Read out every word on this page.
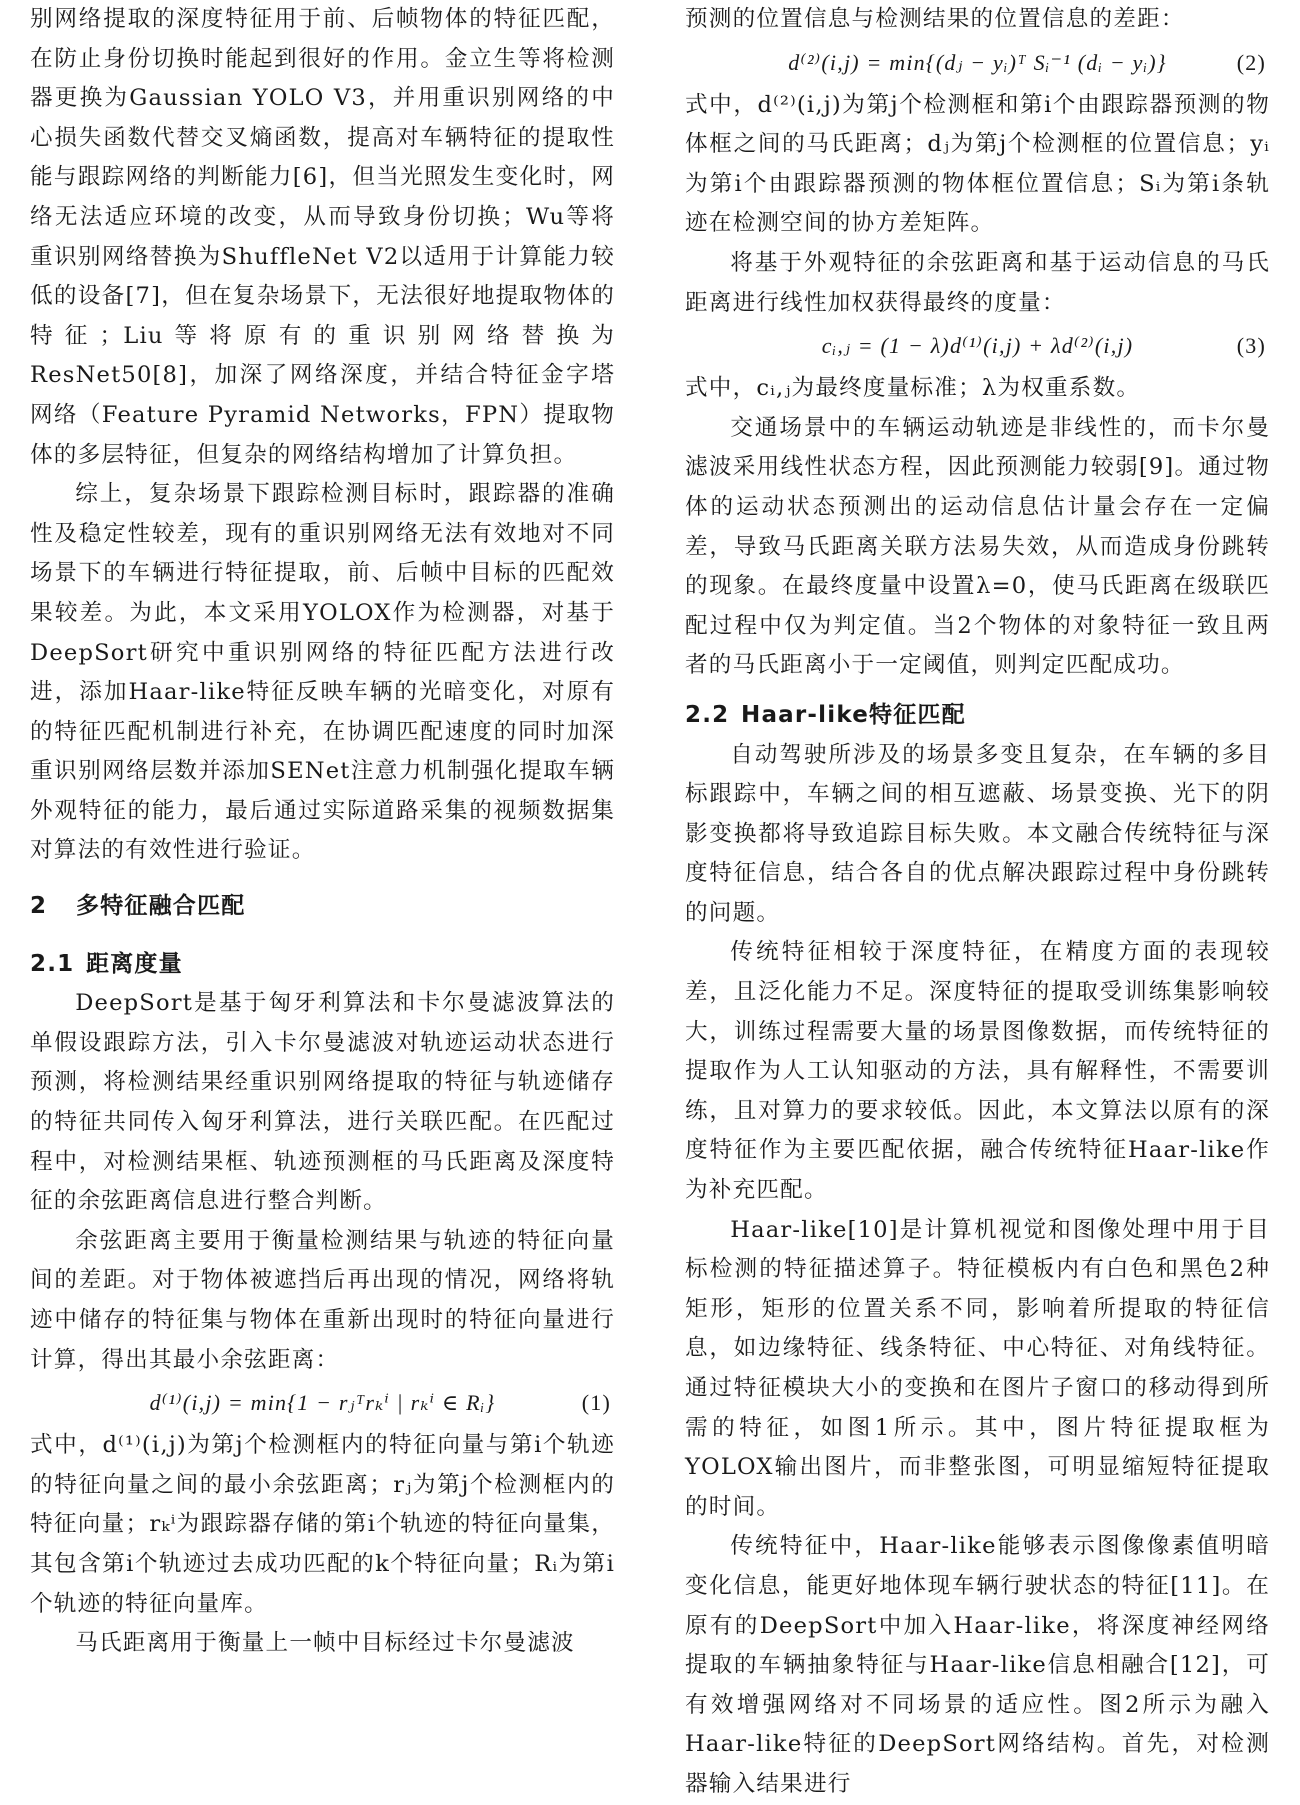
别网络提取的深度特征用于前、后帧物体的特征匹配，在防止身份切换时能起到很好的作用。金立生等将检测器更换为Gaussian YOLO V3，并用重识别网络的中心损失函数代替交叉熵函数，提高对车辆特征的提取性能与跟踪网络的判断能力[6]，但当光照发生变化时，网络无法适应环境的改变，从而导致身份切换；Wu等将重识别网络替换为ShuffleNet V2以适用于计算能力较低的设备[7]，但在复杂场景下，无法很好地提取物体的特征；Liu等将原有的重识别网络替换为ResNet50[8]，加深了网络深度，并结合特征金字塔网络（Feature Pyramid Networks，FPN）提取物体的多层特征，但复杂的网络结构增加了计算负担。

综上，复杂场景下跟踪检测目标时，跟踪器的准确性及稳定性较差，现有的重识别网络无法有效地对不同场景下的车辆进行特征提取，前、后帧中目标的匹配效果较差。为此，本文采用YOLOX作为检测器，对基于DeepSort研究中重识别网络的特征匹配方法进行改进，添加Haar-like特征反映车辆的光暗变化，对原有的特征匹配机制进行补充，在协调匹配速度的同时加深重识别网络层数并添加SENet注意力机制强化提取车辆外观特征的能力，最后通过实际道路采集的视频数据集对算法的有效性进行验证。

2 多特征融合匹配
2.1 距离度量

DeepSort是基于匈牙利算法和卡尔曼滤波算法的单假设跟踪方法，引入卡尔曼滤波对轨迹运动状态进行预测，将检测结果经重识别网络提取的特征与轨迹储存的特征共同传入匈牙利算法，进行关联匹配。在匹配过程中，对检测结果框、轨迹预测框的马氏距离及深度特征的余弦距离信息进行整合判断。

余弦距离主要用于衡量检测结果与轨迹的特征向量间的差距。对于物体被遮挡后再出现的情况，网络将轨迹中储存的特征集与物体在重新出现时的特征向量进行计算，得出其最小余弦距离：

d⁽¹⁾(i,j) = min{1 − rⱼᵀrₖⁱ | rₖⁱ ∈ Rᵢ}	(1)

式中，d⁽¹⁾(i,j)为第j个检测框内的特征向量与第i个轨迹的特征向量之间的最小余弦距离；rⱼ为第j个检测框内的特征向量；rₖⁱ为跟踪器存储的第i个轨迹的特征向量集，其包含第i个轨迹过去成功匹配的k个特征向量；Rᵢ为第i个轨迹的特征向量库。

马氏距离用于衡量上一帧中目标经过卡尔曼滤波

预测的位置信息与检测结果的位置信息的差距：

d⁽²⁾(i,j) = min{(dⱼ − yᵢ)ᵀ Sᵢ⁻¹ (dᵢ − yᵢ)}	(2)

式中，d⁽²⁾(i,j)为第j个检测框和第i个由跟踪器预测的物体框之间的马氏距离；dⱼ为第j个检测框的位置信息；yᵢ为第i个由跟踪器预测的物体框位置信息；Sᵢ为第i条轨迹在检测空间的协方差矩阵。

将基于外观特征的余弦距离和基于运动信息的马氏距离进行线性加权获得最终的度量：

cᵢ,ⱼ = (1 − λ)d⁽¹⁾(i,j) + λd⁽²⁾(i,j)	(3)

式中，cᵢ,ⱼ为最终度量标准；λ为权重系数。

交通场景中的车辆运动轨迹是非线性的，而卡尔曼滤波采用线性状态方程，因此预测能力较弱[9]。通过物体的运动状态预测出的运动信息估计量会存在一定偏差，导致马氏距离关联方法易失效，从而造成身份跳转的现象。在最终度量中设置λ=0，使马氏距离在级联匹配过程中仅为判定值。当2个物体的对象特征一致且两者的马氏距离小于一定阈值，则判定匹配成功。

2.2 Haar-like特征匹配

自动驾驶所涉及的场景多变且复杂，在车辆的多目标跟踪中，车辆之间的相互遮蔽、场景变换、光下的阴影变换都将导致追踪目标失败。本文融合传统特征与深度特征信息，结合各自的优点解决跟踪过程中身份跳转的问题。

传统特征相较于深度特征，在精度方面的表现较差，且泛化能力不足。深度特征的提取受训练集影响较大，训练过程需要大量的场景图像数据，而传统特征的提取作为人工认知驱动的方法，具有解释性，不需要训练，且对算力的要求较低。因此，本文算法以原有的深度特征作为主要匹配依据，融合传统特征Haar-like作为补充匹配。

Haar-like[10]是计算机视觉和图像处理中用于目标检测的特征描述算子。特征模板内有白色和黑色2种矩形，矩形的位置关系不同，影响着所提取的特征信息，如边缘特征、线条特征、中心特征、对角线特征。通过特征模块大小的变换和在图片子窗口的移动得到所需的特征，如图1所示。其中，图片特征提取框为YOLOX输出图片，而非整张图，可明显缩短特征提取的时间。

传统特征中，Haar-like能够表示图像像素值明暗变化信息，能更好地体现车辆行驶状态的特征[11]。在原有的DeepSort中加入Haar-like，将深度神经网络提取的车辆抽象特征与Haar-like信息相融合[12]，可有效增强网络对不同场景的适应性。图2所示为融入Haar-like特征的DeepSort网络结构。首先，对检测器输入结果进行
